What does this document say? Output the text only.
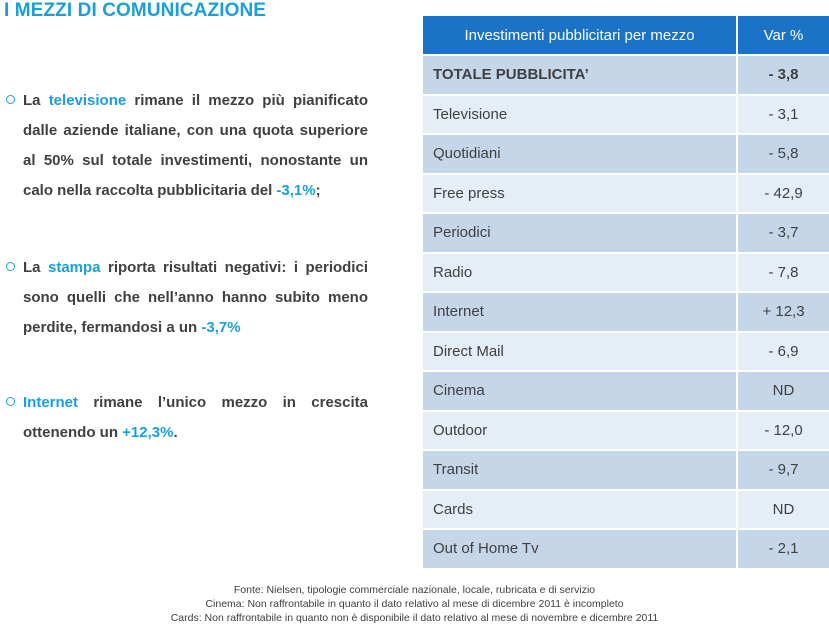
I MEZZI DI COMUNICAZIONE
La televisione rimane il mezzo più pianificato dalle aziende italiane, con una quota superiore al 50% sul totale investimenti, nonostante un calo nella raccolta pubblicitaria del -3,1%;
La stampa riporta risultati negativi: i periodici sono quelli che nell’anno hanno subito meno perdite, fermandosi a un -3,7%
Internet rimane l’unico mezzo in crescita ottenendo un +12,3%.
Investimenti pubblicitari per mezzo	Var %
TOTALE PUBBLICITA’	- 3,8
Televisione	- 3,1
Quotidiani	- 5,8
Free press	- 42,9
Periodici	- 3,7
Radio	- 7,8
Internet	+ 12,3
Direct Mail	- 6,9
Cinema	ND
Outdoor	- 12,0
Transit	- 9,7
Cards	ND
Out of Home Tv	- 2,1
Fonte: Nielsen, tipologie commerciale nazionale, locale, rubricata e di servizio
Cinema: Non raffrontabile in quanto il dato relativo al mese di dicembre 2011 è incompleto
Cards: Non raffrontabile in quanto non è disponibile il dato relativo al mese di novembre e dicembre 2011
